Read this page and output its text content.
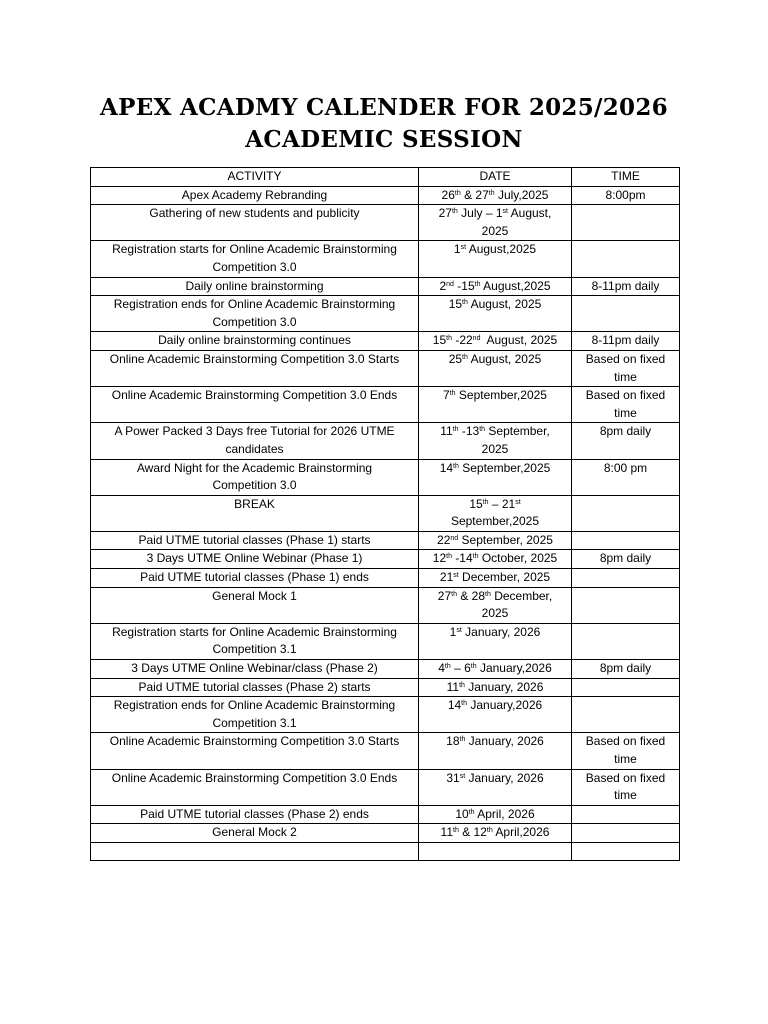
APEX ACADMY CALENDER FOR 2025/2026
ACADEMIC SESSION
ACTIVITY	DATE	TIME
Apex Academy Rebranding	26th & 27th July,2025	8:00pm
Gathering of new students and publicity	27th July – 1st August,
2025	
Registration starts for Online Academic Brainstorming
Competition 3.0	1st August,2025	
Daily online brainstorming	2nd -15th August,2025	8-11pm daily
Registration ends for Online Academic Brainstorming
Competition 3.0	15th August, 2025	
Daily online brainstorming continues	15th -22nd  August, 2025	8-11pm daily
Online Academic Brainstorming Competition 3.0 Starts	25th August, 2025	Based on fixed
time
Online Academic Brainstorming Competition 3.0 Ends	7th September,2025	Based on fixed
time
A Power Packed 3 Days free Tutorial for 2026 UTME
candidates	11th -13th September,
2025	8pm daily
Award Night for the Academic Brainstorming
Competition 3.0	14th September,2025	8:00 pm
BREAK	15th – 21st
September,2025	
Paid UTME tutorial classes (Phase 1) starts	22nd September, 2025	
3 Days UTME Online Webinar (Phase 1)	12th -14th October, 2025	8pm daily
Paid UTME tutorial classes (Phase 1) ends	21st December, 2025	
General Mock 1	27th & 28th December,
2025	
Registration starts for Online Academic Brainstorming
Competition 3.1	1st January, 2026	
3 Days UTME Online Webinar/class (Phase 2)	4th – 6th January,2026	8pm daily
Paid UTME tutorial classes (Phase 2) starts	11th January, 2026	
Registration ends for Online Academic Brainstorming
Competition 3.1	14th January,2026	
Online Academic Brainstorming Competition 3.0 Starts	18th January, 2026	Based on fixed
time
Online Academic Brainstorming Competition 3.0 Ends	31st January, 2026	Based on fixed
time
Paid UTME tutorial classes (Phase 2) ends	10th April, 2026	
General Mock 2	11th & 12th April,2026	
